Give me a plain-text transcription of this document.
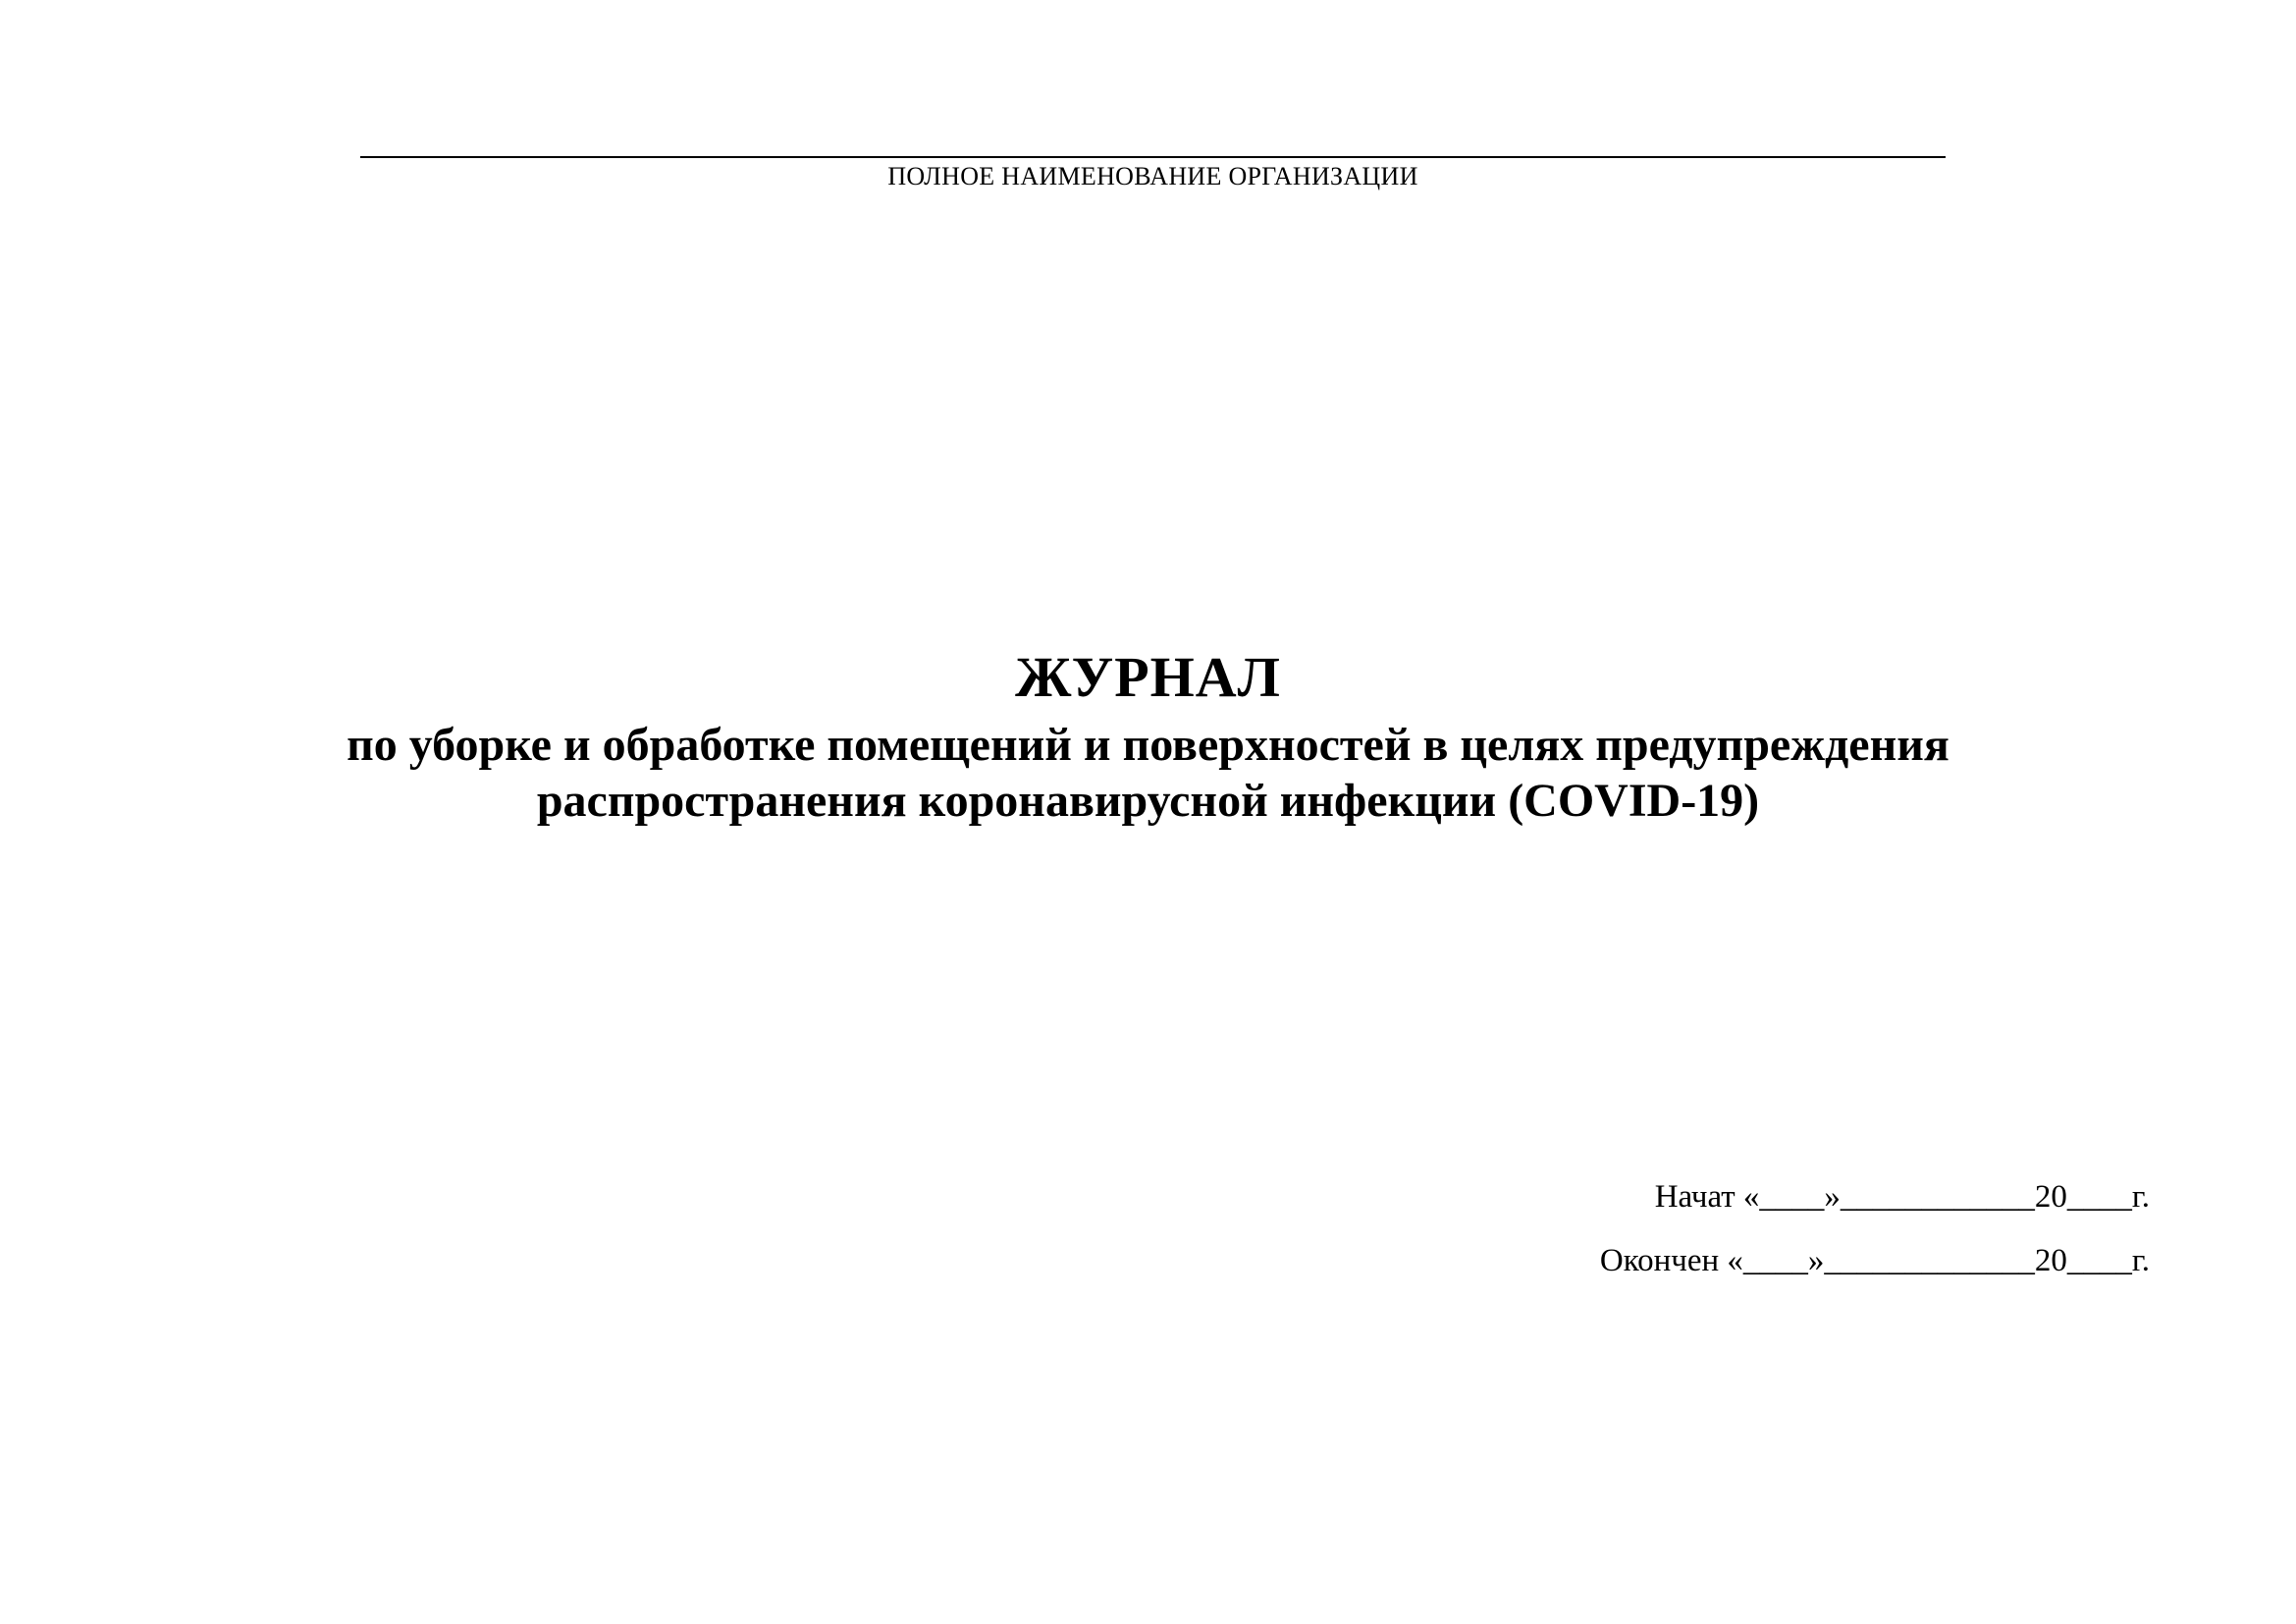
ПОЛНОЕ НАИМЕНОВАНИЕ ОРГАНИЗАЦИИ
ЖУРНАЛ
по уборке и обработке помещений и поверхностей в целях предупреждения
распространения коронавирусной инфекции (COVID-19)
Начат «____»____________20____г.
Окончен «____»_____________20____г.
